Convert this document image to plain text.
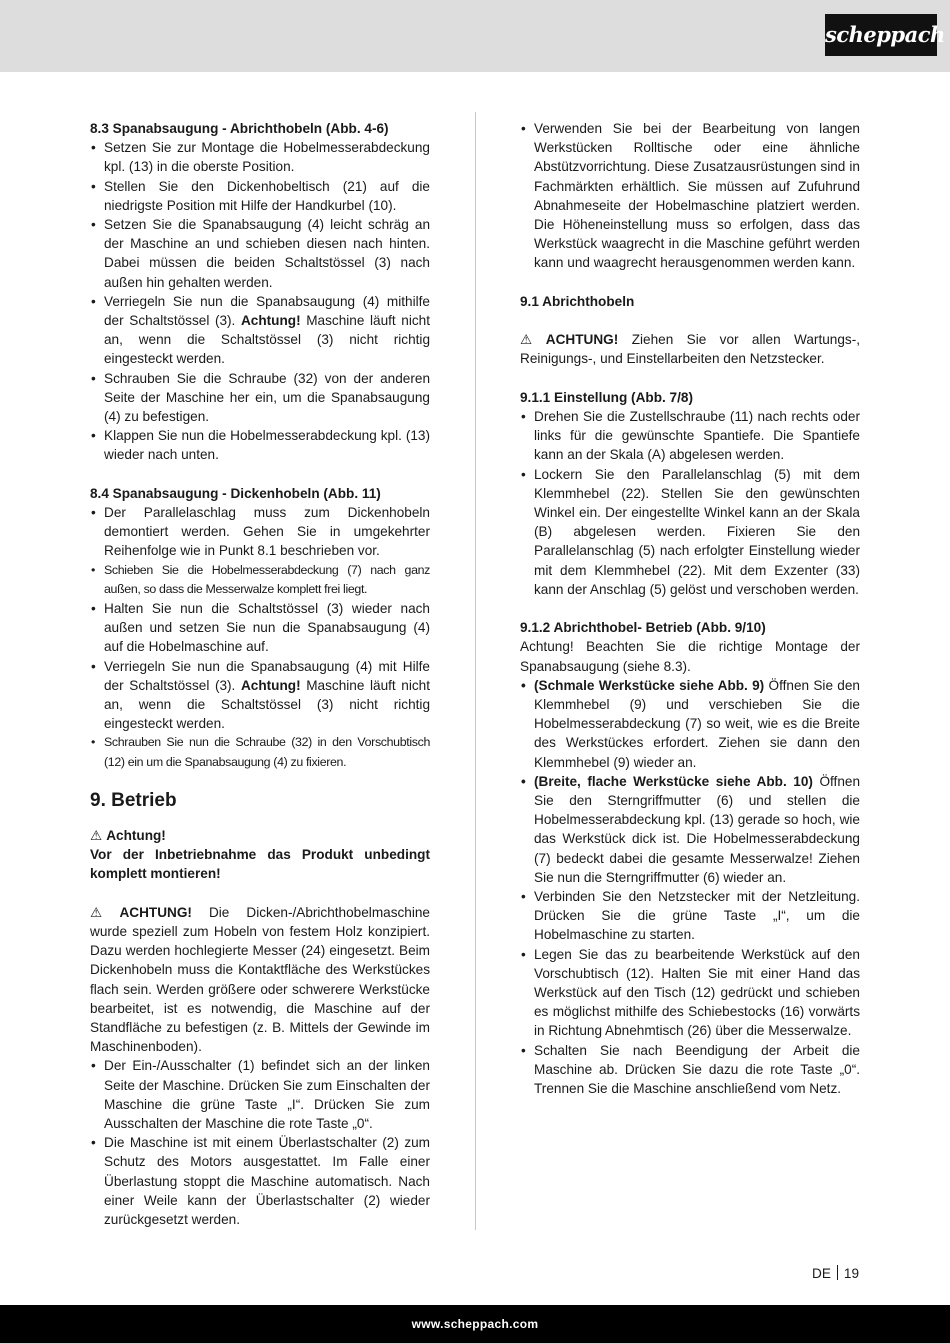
scheppach
8.3 Spanabsaugung - Abrichthobeln (Abb. 4-6)
• Setzen Sie zur Montage die Hobelmesserabdeckung kpl. (13) in die oberste Position.
• Stellen Sie den Dickenhobeltisch (21) auf die niedrigste Position mit Hilfe der Handkurbel (10).
• Setzen Sie die Spanabsaugung (4) leicht schräg an der Maschine an und schieben diesen nach hinten. Dabei müssen die beiden Schaltstössel (3) nach außen hin gehalten werden.
• Verriegeln Sie nun die Spanabsaugung (4) mithilfe der Schaltstössel (3). Achtung! Maschine läuft nicht an, wenn die Schaltstössel (3) nicht richtig eingesteckt werden.
• Schrauben Sie die Schraube (32) von der anderen Seite der Maschine her ein, um die Spanabsaugung (4) zu befestigen.
• Klappen Sie nun die Hobelmesserabdeckung kpl. (13) wieder nach unten.
8.4 Spanabsaugung - Dickenhobeln (Abb. 11)
• Der Parallelaschlag muss zum Dickenhobeln demontiert werden. Gehen Sie in umgekehrter Reihenfolge wie in Punkt 8.1 beschrieben vor.
• Schieben Sie die Hobelmesserabdeckung (7) nach ganz außen, so dass die Messerwalze komplett frei liegt.
• Halten Sie nun die Schaltstössel (3) wieder nach außen und setzen Sie nun die Spanabsaugung (4) auf die Hobelmaschine auf.
• Verriegeln Sie nun die Spanabsaugung (4) mit Hilfe der Schaltstössel (3). Achtung! Maschine läuft nicht an, wenn die Schaltstössel (3) nicht richtig eingesteckt werden.
• Schrauben Sie nun die Schraube (32) in den Vorschubtisch (12) ein um die Spanabsaugung (4) zu fixieren.
9. Betrieb

⚠ Achtung!

Vor der Inbetriebnahme das Produkt unbedingt komplett montieren!

⚠ ACHTUNG! Die Dicken-/Abrichthobelmaschine wurde speziell zum Hobeln von festem Holz konzipiert. Dazu werden hochlegierte Messer (24) eingesetzt. Beim Dickenhobeln muss die Kontaktfläche des Werkstückes flach sein. Werden größere oder schwerere Werkstücke bearbeitet, ist es notwendig, die Maschine auf der Standfläche zu befestigen (z. B. Mittels der Gewinde im Maschinenboden).

• Der Ein-/Ausschalter (1) befindet sich an der linken Seite der Maschine. Drücken Sie zum Einschalten der Maschine die grüne Taste „I“. Drücken Sie zum Ausschalten der Maschine die rote Taste „0“.
• Die Maschine ist mit einem Überlastschalter (2) zum Schutz des Motors ausgestattet. Im Falle einer Überlastung stoppt die Maschine automatisch. Nach einer Weile kann der Überlastschalter (2) wieder zurückgesetzt werden.
• Verwenden Sie bei der Bearbeitung von langen Werkstücken Rolltische oder eine ähnliche Abstützvorrichtung. Diese Zusatzausrüstungen sind in Fachmärkten erhältlich. Sie müssen auf Zufuhrund Abnahmeseite der Hobelmaschine platziert werden. Die Höheneinstellung muss so erfolgen, dass das Werkstück waagrecht in die Maschine geführt werden kann und waagrecht herausgenommen werden kann.
9.1 Abrichthobeln

⚠ ACHTUNG! Ziehen Sie vor allen Wartungs-, Reinigungs-, und Einstellarbeiten den Netzstecker.

9.1.1 Einstellung (Abb. 7/8)
• Drehen Sie die Zustellschraube (11) nach rechts oder links für die gewünschte Spantiefe. Die Spantiefe kann an der Skala (A) abgelesen werden.
• Lockern Sie den Parallelanschlag (5) mit dem Klemmhebel (22). Stellen Sie den gewünschten Winkel ein. Der eingestellte Winkel kann an der Skala (B) abgelesen werden. Fixieren Sie den Parallelanschlag (5) nach erfolgter Einstellung wieder mit dem Klemmhebel (22). Mit dem Exzenter (33) kann der Anschlag (5) gelöst und verschoben werden.
9.1.2 Abrichthobel- Betrieb (Abb. 9/10)

Achtung! Beachten Sie die richtige Montage der Spanabsaugung (siehe 8.3).

• (Schmale Werkstücke siehe Abb. 9) Öffnen Sie den Klemmhebel (9) und verschieben Sie die Hobelmesserabdeckung (7) so weit, wie es die Breite des Werkstückes erfordert. Ziehen sie dann den Klemmhebel (9) wieder an.
• (Breite, flache Werkstücke siehe Abb. 10) Öffnen Sie den Sterngriffmutter (6) und stellen die Hobelmesserabdeckung kpl. (13) gerade so hoch, wie das Werkstück dick ist. Die Hobelmesserabdeckung (7) bedeckt dabei die gesamte Messerwalze! Ziehen Sie nun die Sterngriffmutter (6) wieder an.
• Verbinden Sie den Netzstecker mit der Netzleitung. Drücken Sie die grüne Taste „I“, um die Hobelmaschine zu starten.
• Legen Sie das zu bearbeitende Werkstück auf den Vorschubtisch (12). Halten Sie mit einer Hand das Werkstück auf den Tisch (12) gedrückt und schieben es möglichst mithilfe des Schiebestocks (16) vorwärts in Richtung Abnehmtisch (26) über die Messerwalze.
• Schalten Sie nach Beendigung der Arbeit die Maschine ab. Drücken Sie dazu die rote Taste „0“. Trennen Sie die Maschine anschließend vom Netz.
DE 19
www.scheppach.com
